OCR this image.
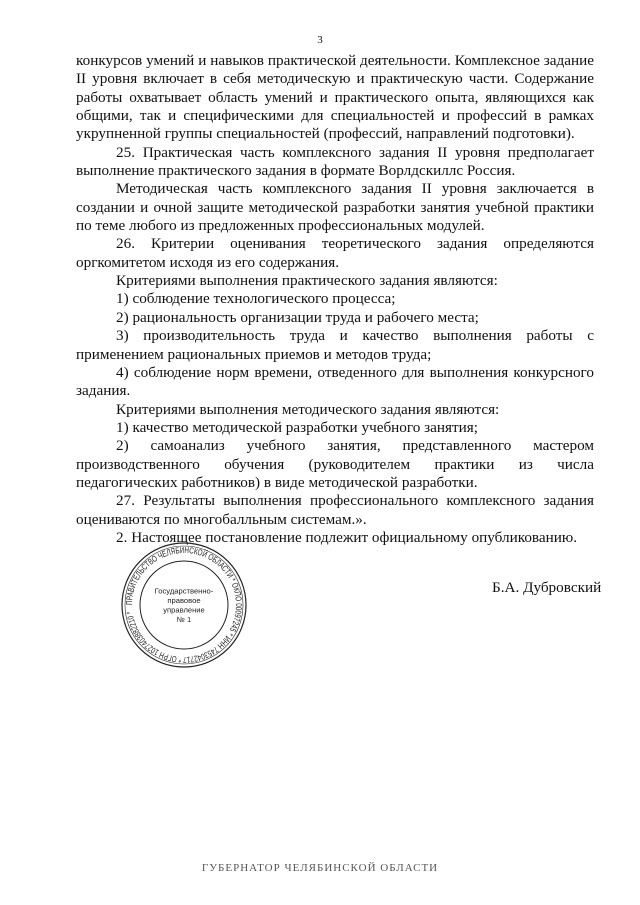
3

конкурсов умений и навыков практической деятельности. Комплексное задание II уровня включает в себя методическую и практическую части. Содержание работы охватывает область умений и практического опыта, являющихся как общими, так и специфическими для специальностей и профессий в рамках укрупненной группы специальностей (профессий, направлений подготовки).

25. Практическая часть комплексного задания II уровня предполагает выполнение практического задания в формате Ворлдскиллс Россия.

Методическая часть комплексного задания II уровня заключается в создании и очной защите методической разработки занятия учебной практики по теме любого из предложенных профессиональных модулей.

26. Критерии оценивания теоретического задания определяются оргкомитетом исходя из его содержания.

Критериями выполнения практического задания являются:

1) соблюдение технологического процесса;

2) рациональность организации труда и рабочего места;

3) производительность труда и качество выполнения работы с применением рациональных приемов и методов труда;

4) соблюдение норм времени, отведенного для выполнения конкурсного задания.

Критериями выполнения методического задания являются:

1) качество методической разработки учебного занятия;

2) самоанализ учебного занятия, представленного мастером производственного обучения (руководителем практики из числа педагогических работников) в виде методической разработки.

27. Результаты выполнения профессионального комплексного задания оцениваются по многобалльным системам.».

2. Настоящее постановление подлежит официальному опубликованию.

ПРАВИТЕЛЬСТВО ЧЕЛЯБИНСКОЙ ОБЛАСТИ * ОКПО 00097245 * ИНН 7453042717 * ОГРН 1027403882210 *
Государственно-
правовое
управление
№ 1
Б.А. Дубровский
ГУБЕРНАТОР ЧЕЛЯБИНСКОЙ ОБЛАСТИ
